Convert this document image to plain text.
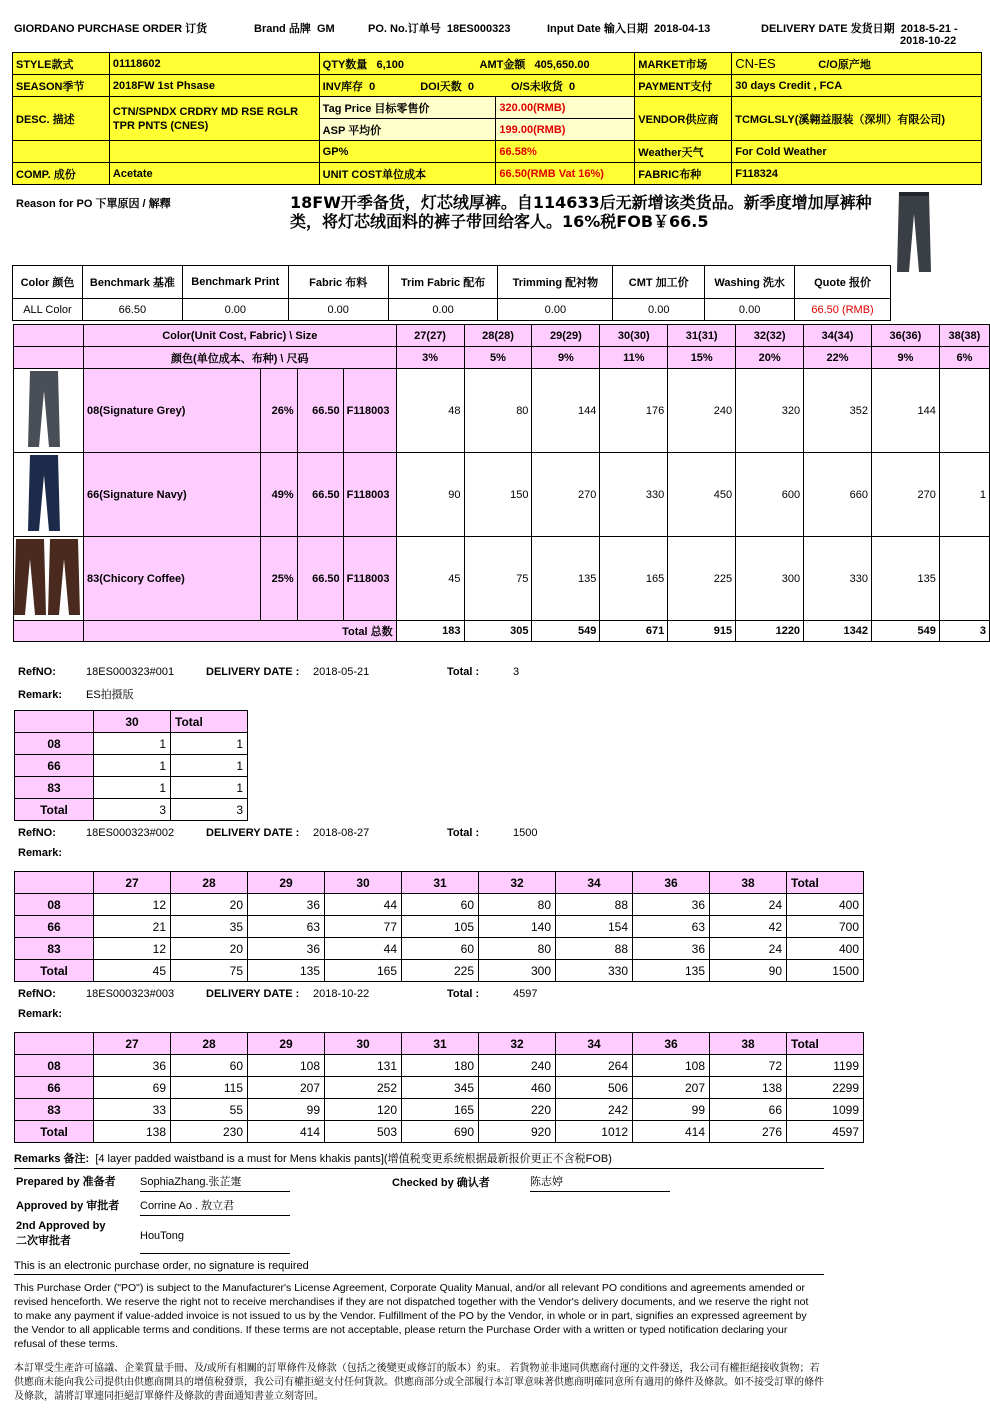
GIORDANO PURCHASE ORDER 订货	Brand 品牌 GM	PO. No.订单号 18ES000323	Input Date 输入日期 2018-04-13	DELIVERY DATE 发货日期 2018-5-21 -
2018-10-22
STYLE款式	01118602	QTY数量 6,100 AMT金额 405,650.00		MARKET市场	CN-ES C/O原产地
SEASON季节	2018FW 1st Phsase	INV库存 0 DOI天数 0 O/S未收货 0		PAYMENT支付	30 days Credit , FCA
DESC. 描述	CTN/SPNDX CRDRY MD RSE RGLR TPR PNTS (CNES)	Tag Price 目标零售价	320.00(RMB)	VENDOR供应商	TCMGLSLY(溪翱益服装（深圳）有限公司)
		ASP 平均价	199.00(RMB)		
		GP%	66.58%	Weather天气	For Cold Weather
COMP. 成份	Acetate	UNIT COST单位成本	66.50(RMB Vat 16%)	FABRIC布种	F118324
Reason for PO 下單原因 / 解釋	18FW开季备货，灯芯绒厚裤。自114633后无新增该类货品。新季度增加厚裤种类，将灯芯绒面料的裤子带回给客人。16%税FOB￥66.5
Color 颜色	Benchmark 基准	Benchmark Print	Fabric 布料	Trim Fabric 配布	Trimming 配衬物	CMT 加工价	Washing 洗水	Quote 报价
ALL Color	66.50	0.00	0.00	0.00	0.00	0.00	0.00	66.50 (RMB)
	Color(Unit Cost, Fabric) \ Size				27(27)	28(28)	29(29)	30(30)	31(31)	32(32)	34(34)	36(36)	38(38)
	颜色(单位成本、布种) \ 尺码				3%	5%	9%	11%	15%	20%	22%	9%	6%
	08(Signature Grey)	26%	66.50	F118003	48	80	144	176	240	320	352	144	
	66(Signature Navy)	49%	66.50	F118003	90	150	270	330	450	600	660	270	1
	83(Chicory Coffee)	25%	66.50	F118003	45	75	135	165	225	300	330	135	
	Total 总数				183	305	549	671	915	1220	1342	549	3
RefNO:	18ES000323#001	DELIVERY DATE : 2018-05-21	Total :	3
Remark: ES拍摄版
	30	Total
08	1	1
66	1	1
83	1	1
Total	3	3
RefNO:	18ES000323#002	DELIVERY DATE : 2018-08-27	Total :	1500
Remark:
	27	28	29	30	31	32	34	36	38	Total
08	12	20	36	44	60	80	88	36	24	400
66	21	35	63	77	105	140	154	63	42	700
83	12	20	36	44	60	80	88	36	24	400
Total	45	75	135	165	225	300	330	135	90	1500
RefNO:	18ES000323#003	DELIVERY DATE : 2018-10-22	Total :	4597
Remark:
	27	28	29	30	31	32	34	36	38	Total
08	36	60	108	131	180	240	264	108	72	1199
66	69	115	207	252	345	460	506	207	138	2299
83	33	55	99	120	165	220	242	99	66	1099
Total	138	230	414	503	690	920	1012	414	276	4597
Remarks 备注: [4 layer padded waistband is a must for Mens khakis pants](增值税变更系统根据最新报价更正不含税FOB)
Prepared by 准备者 SophiaZhang.张芷寁	Checked by 确认者	陈志婷
Approved by 审批者 Corrine Ao . 敖立君
2nd Approved by
二次审批者	HouTong
This is an electronic purchase order, no signature is required
This Purchase Order ("PO") is subject to the Manufacturer's License Agreement, Corporate Quality Manual, and/or all relevant PO conditions and agreements amended or revised henceforth. We reserve the right not to receive merchandises if they are not dispatched together with the Vendor's delivery documents, and we reserve the right not to make any payment if value-added invoice is not issued to us by the Vendor. Fulfillment of the PO by the Vendor, in whole or in part, signifies an expressed agreement by the Vendor to all applicable terms and conditions. If these terms are not acceptable, please return the Purchase Order with a written or typed notification declaring your refusal of these terms.
本訂單受生產許可協議、企業質量手冊、及/或所有相關的訂單條件及條款（包括之後變更或修訂的版本）約束。 若貨物並非連同供應商付運的文件發送，我公司有權拒絕接收貨物；若供應商未能向我公司提供由供應商開具的增值稅發票，我公司有權拒絕支付任何貨款。供應商部分或全部履行本訂單意味著供應商明確同意所有適用的條件及條款。如不接受訂單的條件及條款，請將訂單連同拒絕訂單條件及條款的書面通知書並立刻寄回。
